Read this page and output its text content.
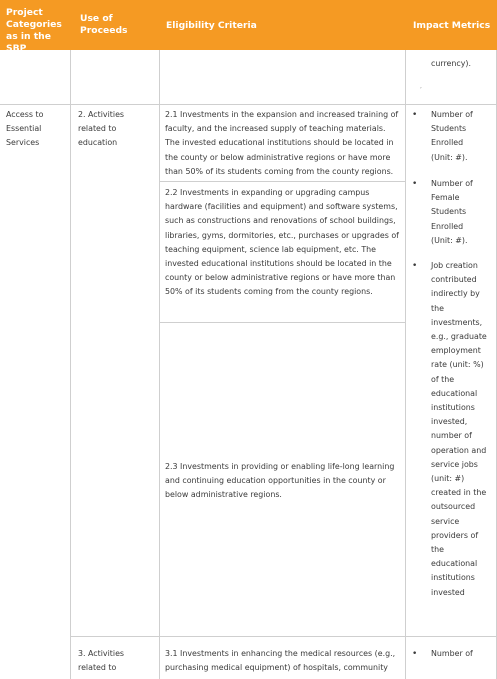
Project Categories as in the SBP
Use of Proceeds	Eligibility Criteria	Impact Metrics
currency).
,
Access to Essential Services
2. Activities related to education
3. Activities related to
2.1 Investments in the expansion and increased training of faculty, and the increased supply of teaching materials. The invested educational institutions should be located in the county or below administrative regions or have more than 50% of its students coming from the county regions.
2.2 Investments in expanding or upgrading campus hardware (facilities and equipment) and software systems, such as constructions and renovations of school buildings, libraries, gyms, dormitories, etc., purchases or upgrades of teaching equipment, science lab equipment, etc. The invested educational institutions should be located in the county or below administrative regions or have more than 50% of its students coming from the county regions.
2.3 Investments in providing or enabling life-long learning and continuing education opportunities in the county or below administrative regions.
3.1 Investments in enhancing the medical resources (e.g., purchasing medical equipment) of hospitals, community
• Number of Students Enrolled (Unit: #).
• Number of Female Students Enrolled (Unit: #).
• Job creation contributed indirectly by the investments, e.g., graduate employment rate (unit: %) of the educational institutions invested, number of operation and service jobs (unit: #) created in the outsourced service providers of the educational institutions invested
• Number of
